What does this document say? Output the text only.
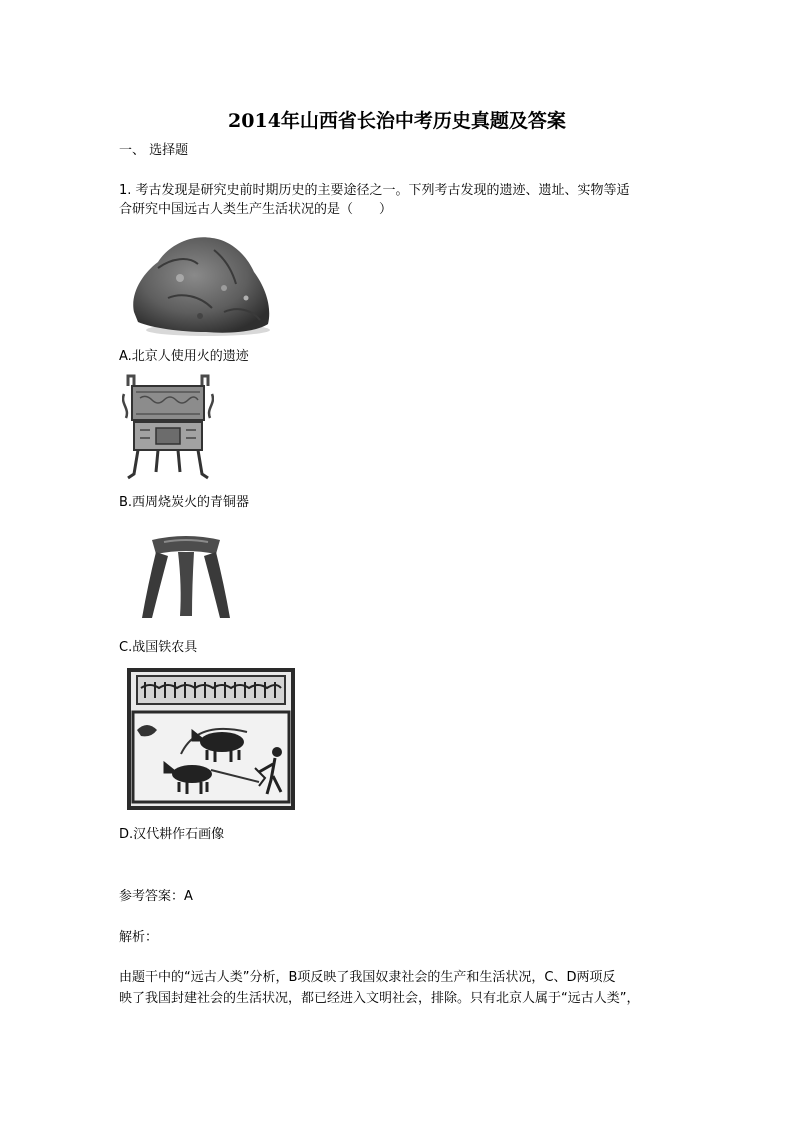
2014年山西省长治中考历史真题及答案
一、 选择题
1. 考古发现是研究史前时期历史的主要途径之一。下列考古发现的遗迹、遗址、实物等适
合研究中国远古人类生产生活状况的是（　　）
A.北京人使用火的遗迹
B.西周烧炭火的青铜器
C.战国铁农具
D.汉代耕作石画像
参考答案：A
解析：
由题干中的“远古人类”分析，B项反映了我国奴隶社会的生产和生活状况，C、D两项反
映了我国封建社会的生活状况，都已经进入文明社会，排除。只有北京人属于“远古人类”，
